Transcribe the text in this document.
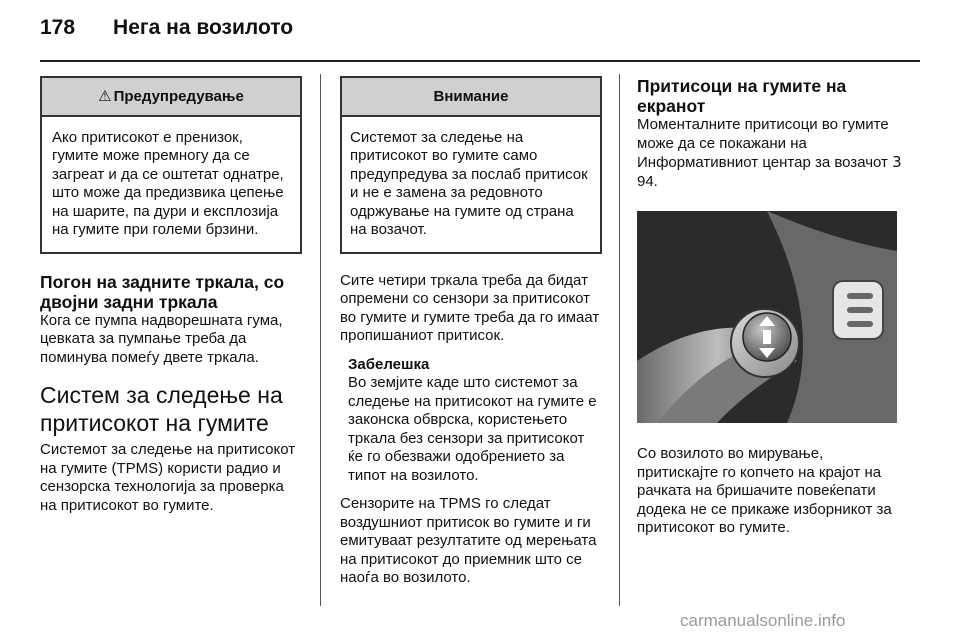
178 Нега на возилото
⚠ Предупредување

Ако притисокот е пренизок, гумите може премногу да се загреат и да се оштетат однатре, што може да предизвика цепење на шарите, па дури и експлозија на гумите при големи брзини.

Погон на задните тркала, со двојни задни тркала

Кога се пумпа надворешната гума, цевката за пумпање треба да поминува помеѓу двете тркала.

Систем за следење на притисокот на гумите

Системот за следење на притисокот на гумите (TPMS) користи радио и сензорска технологија за проверка на притисокот во гумите.

Внимание

Системот за следење на притисокот во гумите само предупредува за послаб притисок и не е замена за редовното одржување на гумите од страна на возачот.

Сите четири тркала треба да бидат опремени со сензори за притисокот во гумите и гумите треба да го имаат пропишаниот притисок.

Забелешка

Во земјите каде што системот за следење на притисокот на гумите е законска обврска, користењето тркала без сензори за притисокот ќе го обезважи одобрението за типот на возилото.

Сензорите на TPMS го следат воздушниот притисок во гумите и ги емитуваат резултатите од мерењата на притисокот до приемник што се наоѓа во возилото.

Притисоци на гумите на екранот

Моменталните притисоци во гумите може да се покажани на Информативниот центар за возачот 3 94.

Со возилото во мирување, притискајте го копчето на крајот на рачката на бришачите повеќепати додека не се прикаже изборникот за притисокот во гумите.

carmanualsonline.info
